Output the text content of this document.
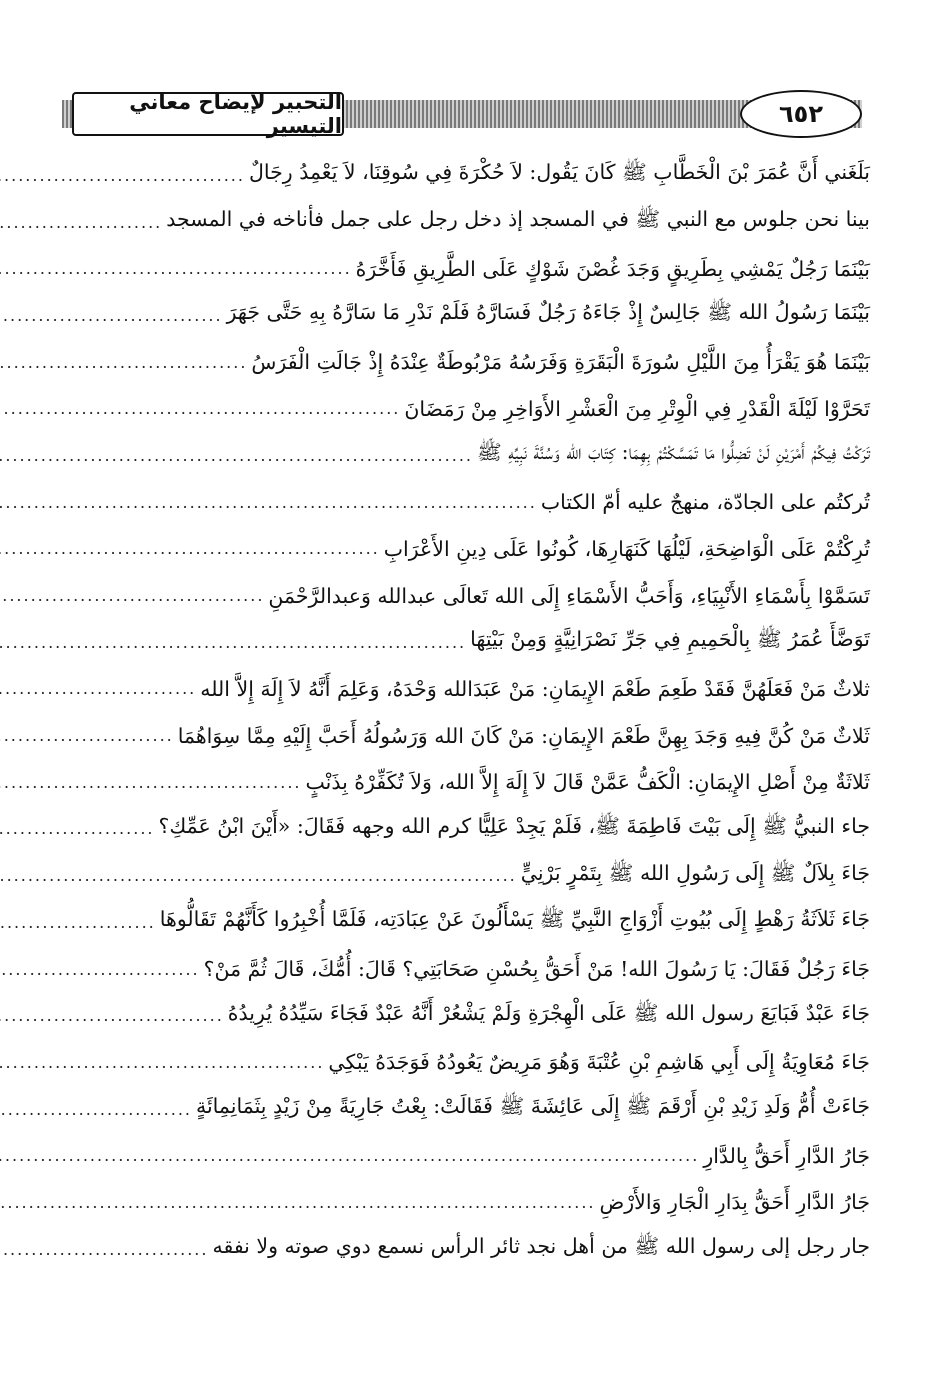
التحبير لإيضاح معاني التيسير	٦٥٢
بَلَغَني أَنَّ عُمَرَ بْنَ الْخَطَّابِ ﷺ كَانَ يَقُول: لاَ حُكْرَةَ فِي سُوقِنَا، لاَ يَعْمِدُ رِجَالٌ
.....
بينا نحن جلوس مع النبي ﷺ في المسجد إذ دخل رجل على جمل فأناخه في المسجد
.....
بَيْنَمَا رَجُلٌ يَمْشِي بِطَرِيقٍ وَجَدَ غُصْنَ شَوْكٍ عَلَى الطَّرِيقِ فَأَخَّرَهُ
.....
بَيْنَمَا رَسُولُ الله ﷺ جَالِسٌ إِذْ جَاءَهُ رَجُلٌ فَسَارَّهُ فَلَمْ نَدْرِ مَا سَارَّهُ بِهِ حَتَّى جَهَرَ
.....
بَيْنَمَا هُوَ يَقْرَأُ مِنَ اللَّيْلِ سُورَةَ الْبَقَرَةِ وَفَرَسُهُ مَرْبُوطَةٌ عِنْدَهُ إِذْ جَالَتِ الْفَرَسُ
.....
تَحَرَّوْا لَيْلَةَ الْقَدْرِ فِي الْوِتْرِ مِنَ الْعَشْرِ الأَوَاخِرِ مِنْ رَمَضَانَ
.....
تَرَكْتُ فِيكُمْ أَمْرَيْنِ لَنْ تَضِلُّوا مَا تَمَسَّكْتُمْ بِهِمَا: كِتَابَ الله وَسُنَّةَ نَبِيِّهِ ﷺ
.....
تُركتُم على الجادّة، منهجٌ عليه أمّ الكتاب
.....
تُرِكْتُمْ عَلَى الْوَاضِحَةِ، لَيْلُهَا كَنَهَارِهَا، كُونُوا عَلَى دِينِ الأَعْرَابِ
.....
تَسَمَّوْا بِأَسْمَاءِ الأَنْبِيَاءِ، وَأَحَبُّ الأَسْمَاءِ إِلَى الله تَعالَى عبدالله وَعبدالرَّحْمَنِ
.....
تَوَضَّأَ عُمَرُ ﷺ بِالْحَمِيمِ فِي جَرِّ نَصْرَانِيَّةٍ وَمِنْ بَيْتِهَا
.....
ثلاثٌ مَنْ فَعَلَهُنَّ فَقَدْ طَعِمَ طَعْمَ الإِيمَانِ: مَنْ عَبَدَالله وَحْدَهُ، وَعَلِمَ أَنَّهُ لاَ إِلَهَ إِلاَّ الله
.....
ثَلاثٌ مَنْ كُنَّ فِيهِ وَجَدَ بِهِنَّ طَعْمَ الإِيمَانِ: مَنْ كَانَ الله وَرَسُولُهُ أَحَبَّ إِلَيْهِ مِمَّا سِوَاهُمَا
.....
ثَلاثَةٌ مِنْ أَصْلِ الإِيمَانِ: الْكَفُّ عَمَّنْ قَالَ لاَ إِلَهَ إِلاَّ الله، وَلاَ تُكَفِّرْهُ بِذَنْبٍ
.....
جاء النبيُّ ﷺ إِلَى بَيْتَ فَاطِمَةَ ﷺ، فَلَمْ يَجِدْ عَلِيًّا كرم الله وجهه فَقَالَ: «أَيْنَ ابْنُ عَمِّكِ؟
.....
جَاءَ بِلاَلٌ ﷺ إِلَى رَسُولِ الله ﷺ بِتَمْرٍ بَرْنِيٍّ
.....
جَاءَ ثَلاَثَةُ رَهْطٍ إِلَى بُيُوتِ أَزْوَاجِ النَّبِيِّ ﷺ يَسْأَلُونَ عَنْ عِبَادَتِه، فَلَمَّا أُخْبِرُوا كَأَنَّهُمْ تَقَالُّوهَا
.....
جَاءَ رَجُلٌ فَقَالَ: يَا رَسُولَ الله! مَنْ أَحَقُّ بِحُسْنِ صَحَابَتِي؟ قَالَ: أُمُّكَ، قَالَ ثُمَّ مَنْ؟
.....
جَاءَ عَبْدٌ فَبَايَعَ رسول الله ﷺ عَلَى الْهِجْرَةِ وَلَمْ يَشْعُرْ أَنَّهُ عَبْدٌ فَجَاءَ سَيِّدُهُ يُرِيدُهُ
.....
جَاءَ مُعَاوِيَةُ إِلَى أَبِي هَاشِمِ بْنِ عُتْبَةَ وَهُوَ مَرِيضٌ يَعُودُهُ فَوَجَدَهُ يَبْكِي
.....
جَاءَتْ أُمُّ وَلَدِ زَيْدِ بْنِ أَرْقَمَ ﷺ إِلَى عَائِشَةَ ﷺ فَقَالَتْ: بِعْتُ جَارِيَةً مِنْ زَيْدٍ بِثَمَانِمِائَةٍ
.....
جَارُ الدَّارِ أَحَقُّ بِالدَّارِ
.....
جَارُ الدَّارِ أَحَقُّ بِدَارِ الْجَارِ وَالأَرْضِ
.....
جار رجل إلى رسول الله ﷺ من أهل نجد ثائر الرأس نسمع دوي صوته ولا نفقه
.....
